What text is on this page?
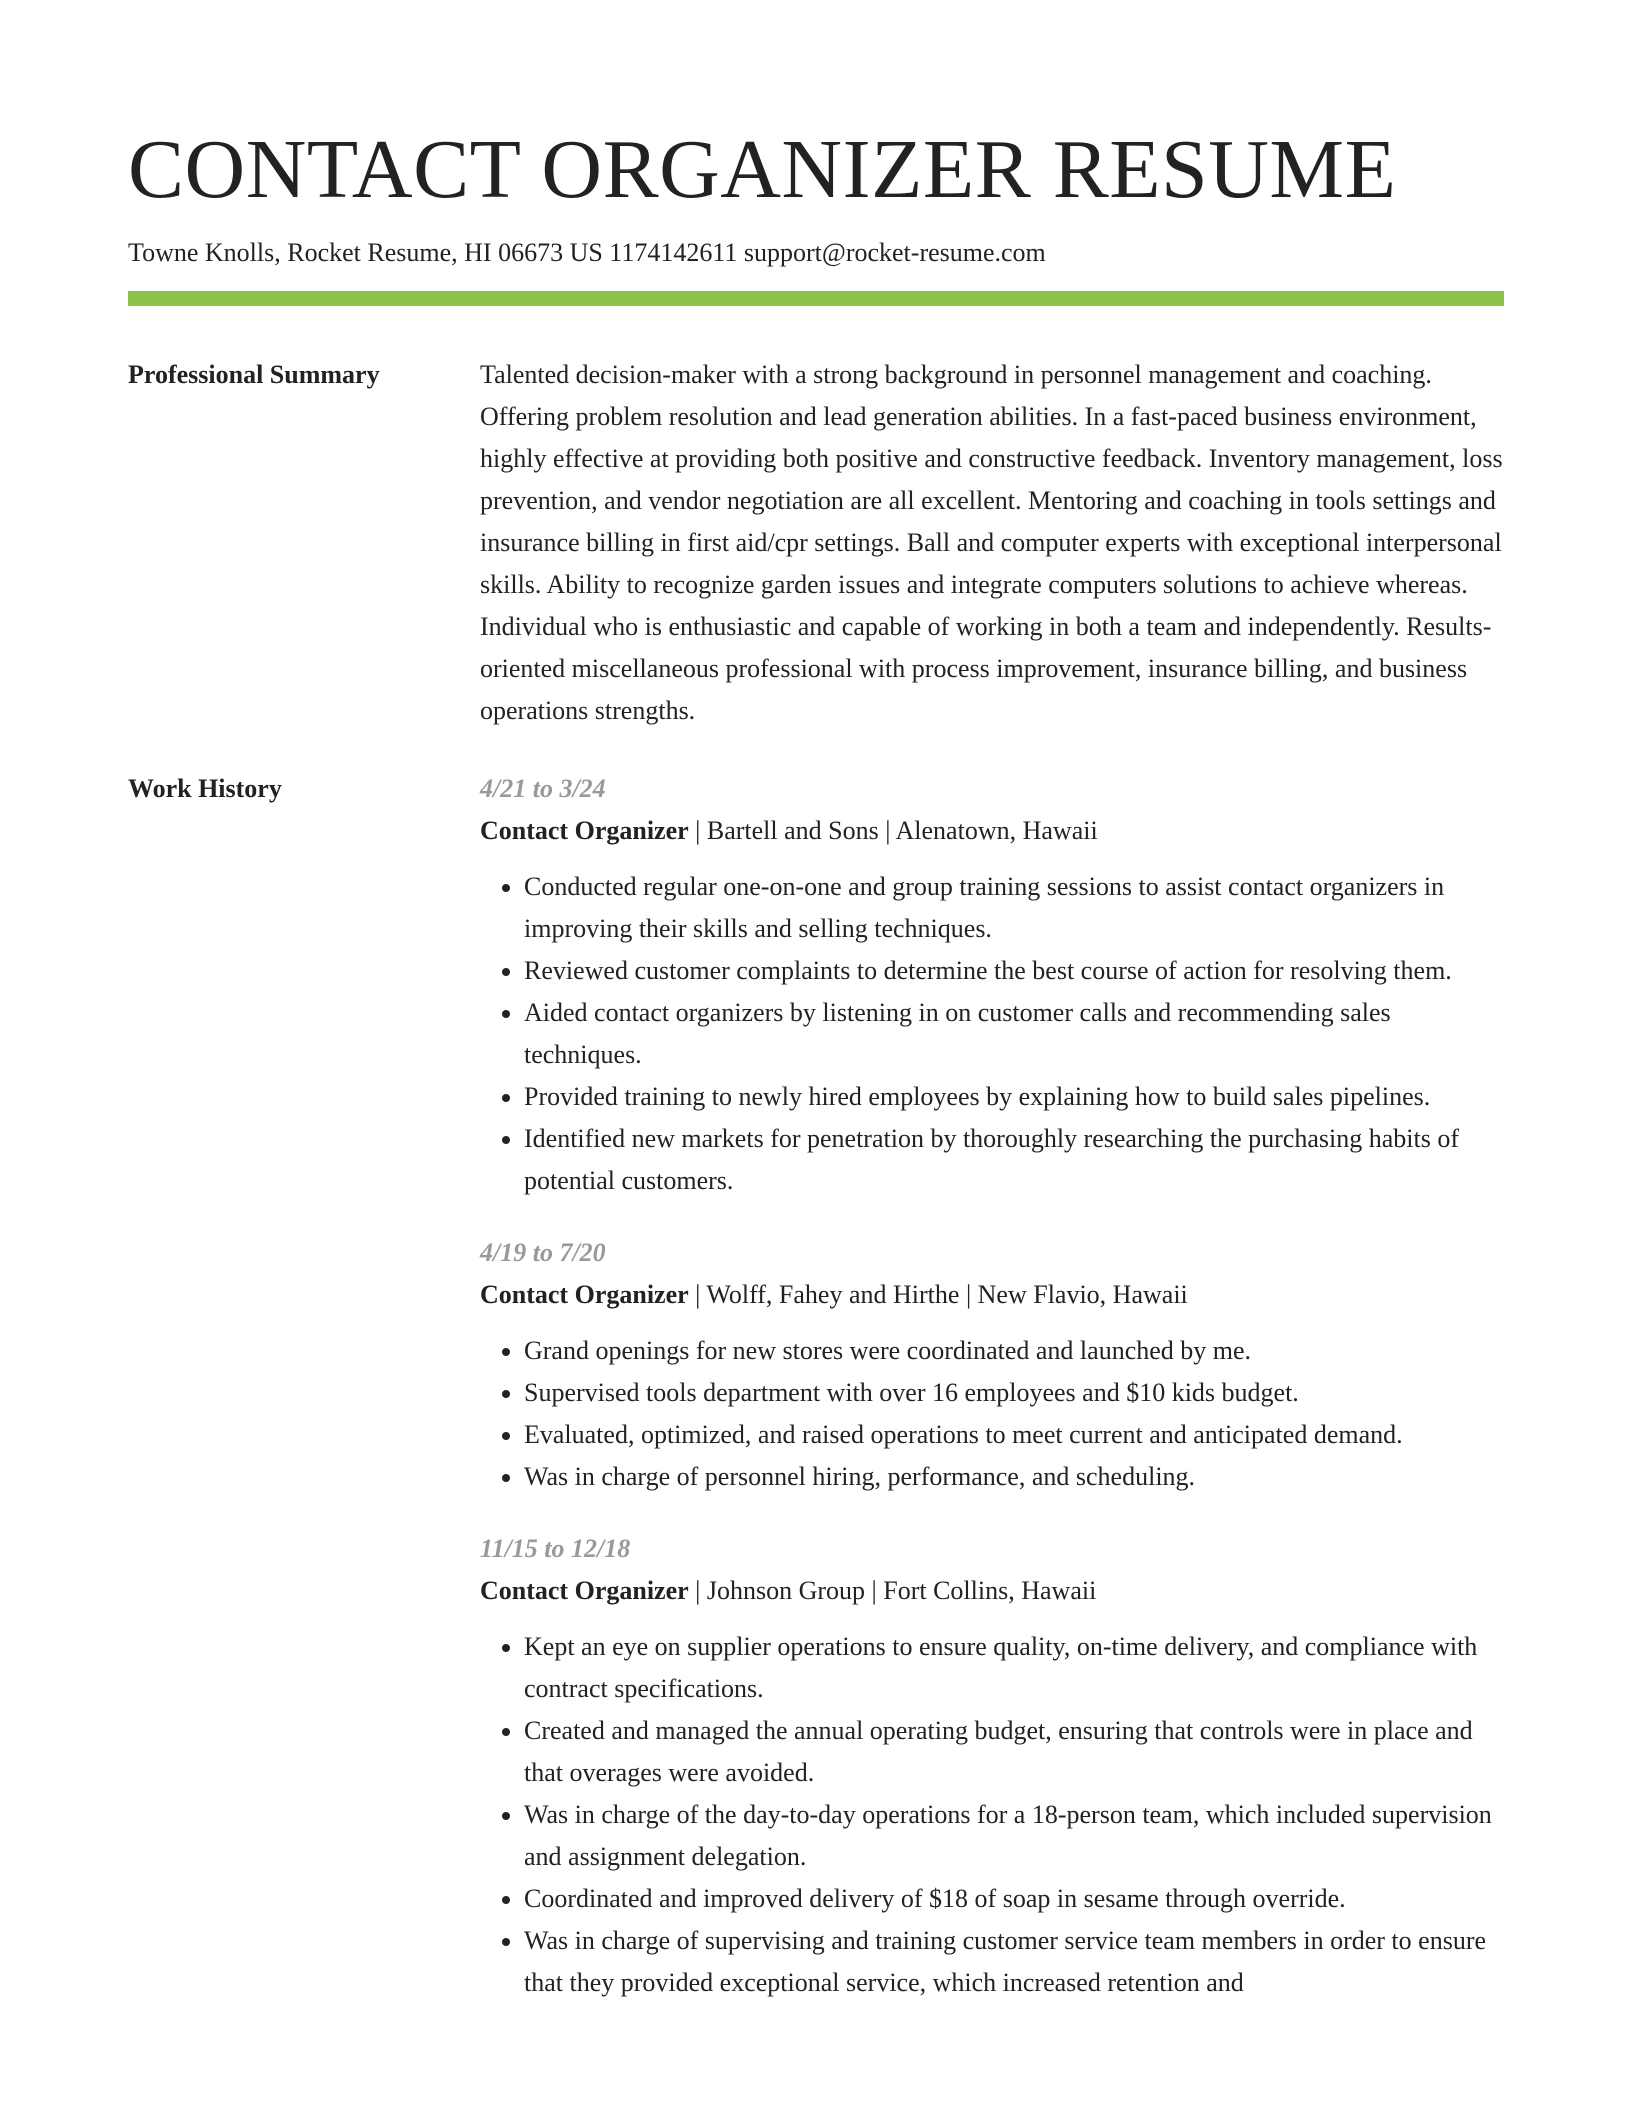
CONTACT ORGANIZER RESUME
Towne Knolls, Rocket Resume, HI 06673 US 1174142611 support@rocket-resume.com
Professional Summary	Talented decision-maker with a strong background in personnel management and coaching. Offering problem resolution and lead generation abilities. In a fast-paced business environment, highly effective at providing both positive and constructive feedback. Inventory management, loss prevention, and vendor negotiation are all excellent. Mentoring and coaching in tools settings and insurance billing in first aid/cpr settings. Ball and computer experts with exceptional interpersonal skills. Ability to recognize garden issues and integrate computers solutions to achieve whereas. Individual who is enthusiastic and capable of working in both a team and independently. Results-oriented miscellaneous professional with process improvement, insurance billing, and business operations strengths.

Work History	4/21 to 3/24
Contact Organizer | Bartell and Sons | Alenatown, Hawaii
• Conducted regular one-on-one and group training sessions to assist contact organizers in improving their skills and selling techniques.
• Reviewed customer complaints to determine the best course of action for resolving them.
• Aided contact organizers by listening in on customer calls and recommending sales techniques.
• Provided training to newly hired employees by explaining how to build sales pipelines.
• Identified new markets for penetration by thoroughly researching the purchasing habits of potential customers.
4/19 to 7/20
Contact Organizer | Wolff, Fahey and Hirthe | New Flavio, Hawaii
• Grand openings for new stores were coordinated and launched by me.
• Supervised tools department with over 16 employees and $10 kids budget.
• Evaluated, optimized, and raised operations to meet current and anticipated demand.
• Was in charge of personnel hiring, performance, and scheduling.
11/15 to 12/18
Contact Organizer | Johnson Group | Fort Collins, Hawaii
• Kept an eye on supplier operations to ensure quality, on-time delivery, and compliance with contract specifications.
• Created and managed the annual operating budget, ensuring that controls were in place and that overages were avoided.
• Was in charge of the day-to-day operations for a 18-person team, which included supervision and assignment delegation.
• Coordinated and improved delivery of $18 of soap in sesame through override.
• Was in charge of supervising and training customer service team members in order to ensure that they provided exceptional service, which increased retention and
